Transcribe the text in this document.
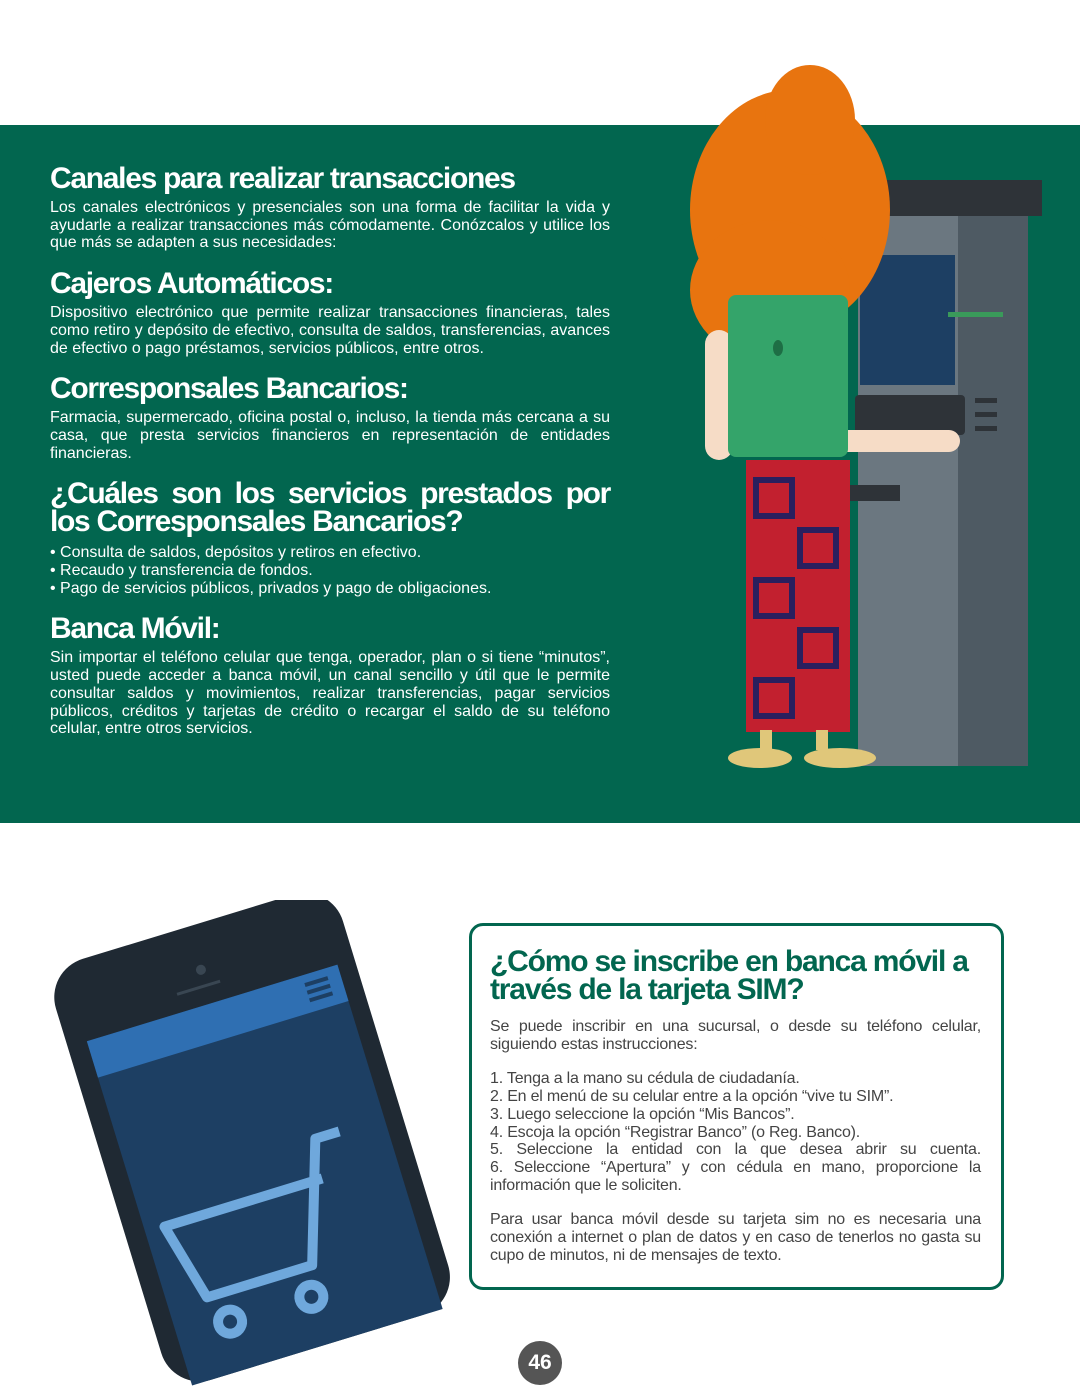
Canales para realizar transacciones
Los canales electrónicos y presenciales son una forma de facilitar la vida y ayudarle a realizar transacciones más cómodamente. Conózcalos y utilice los que más se adapten a sus necesidades:
Cajeros Automáticos:
Dispositivo electrónico que permite realizar transacciones financieras, tales como retiro y depósito de efectivo, consulta de saldos, transferencias, avances de efectivo o pago préstamos, servicios públicos, entre otros.
Corresponsales Bancarios:
Farmacia, supermercado, oficina postal o, incluso, la tienda más cercana a su casa, que presta servicios financieros en representación de entidades financieras.
¿Cuáles son los servicios prestados por los Corresponsales Bancarios?
• Consulta de saldos, depósitos y retiros en efectivo.
• Recaudo y transferencia de fondos.
• Pago de servicios públicos, privados y pago de obligaciones.
Banca Móvil:
Sin importar el teléfono celular que tenga, operador, plan o si tiene “minutos”, usted puede acceder a banca móvil, un canal sencillo y útil que le permite consultar saldos y movimientos, realizar transferencias, pagar servicios públicos, créditos y tarjetas de crédito o recargar el saldo de su teléfono celular, entre otros servicios.
¿Cómo se inscribe en banca móvil a través de la tarjeta SIM?
Se puede inscribir en una sucursal, o desde su teléfono celular, siguiendo estas instrucciones:
1. Tenga a la mano su cédula de ciudadanía.
2. En el menú de su celular entre a la opción “vive tu SIM”.
3. Luego seleccione la opción “Mis Bancos”.
4. Escoja la opción “Registrar Banco” (o Reg. Banco).
5. Seleccione la entidad con la que desea abrir su cuenta.
6. Seleccione “Apertura” y con cédula en mano, proporcione la información que le soliciten.
Para usar banca móvil desde su tarjeta sim no es necesaria una conexión a internet o plan de datos y en caso de tenerlos no gasta su cupo de minutos, ni de mensajes de texto.
46
